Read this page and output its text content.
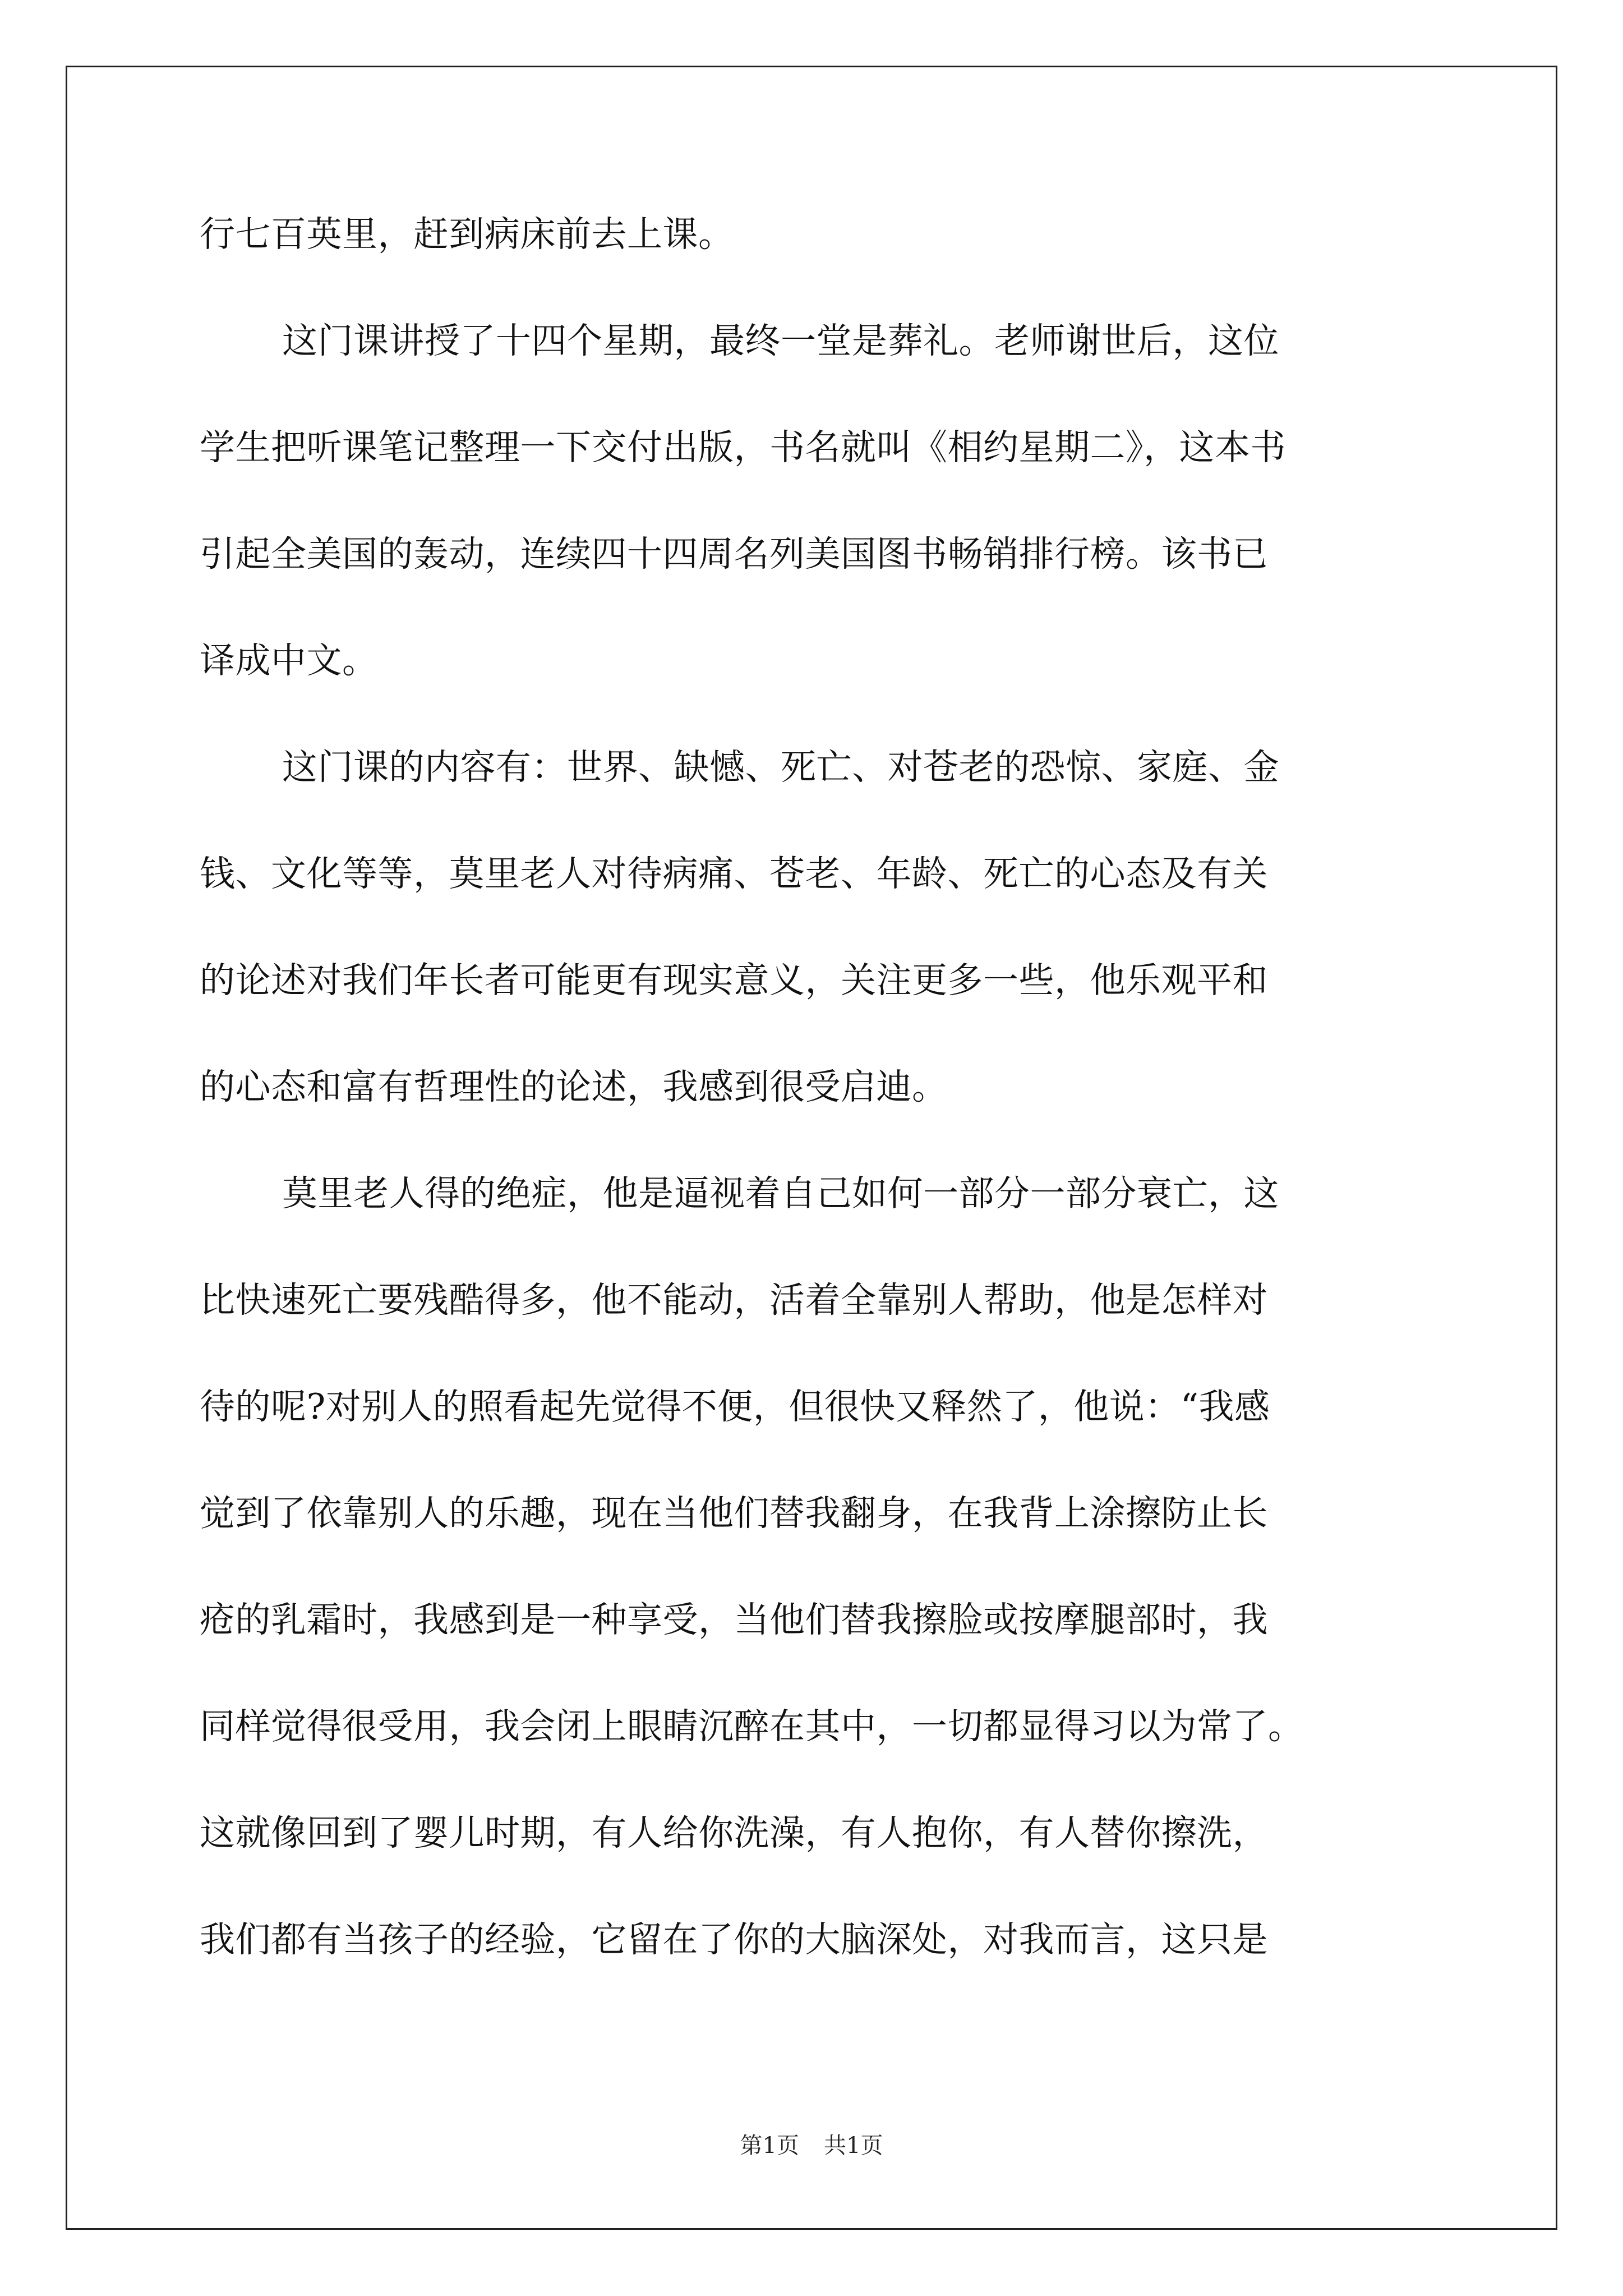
行七百英里，赶到病床前去上课。
这门课讲授了十四个星期，最终一堂是葬礼。老师谢世后，这位
学生把听课笔记整理一下交付出版，书名就叫《相约星期二》，这本书
引起全美国的轰动，连续四十四周名列美国图书畅销排行榜。该书已
译成中文。
这门课的内容有：世界、缺憾、死亡、对苍老的恐惊、家庭、金
钱、文化等等，莫里老人对待病痛、苍老、年龄、死亡的心态及有关
的论述对我们年长者可能更有现实意义，关注更多一些，他乐观平和
的心态和富有哲理性的论述，我感到很受启迪。
莫里老人得的绝症，他是逼视着自己如何一部分一部分衰亡，这
比快速死亡要残酷得多，他不能动，活着全靠别人帮助，他是怎样对
待的呢?对别人的照看起先觉得不便，但很快又释然了，他说：“我感
觉到了依靠别人的乐趣，现在当他们替我翻身，在我背上涂擦防止长
疮的乳霜时，我感到是一种享受，当他们替我擦脸或按摩腿部时，我
同样觉得很受用，我会闭上眼睛沉醉在其中，一切都显得习以为常了。
这就像回到了婴儿时期，有人给你洗澡，有人抱你，有人替你擦洗，
我们都有当孩子的经验，它留在了你的大脑深处，对我而言，这只是
第1页 共1页
